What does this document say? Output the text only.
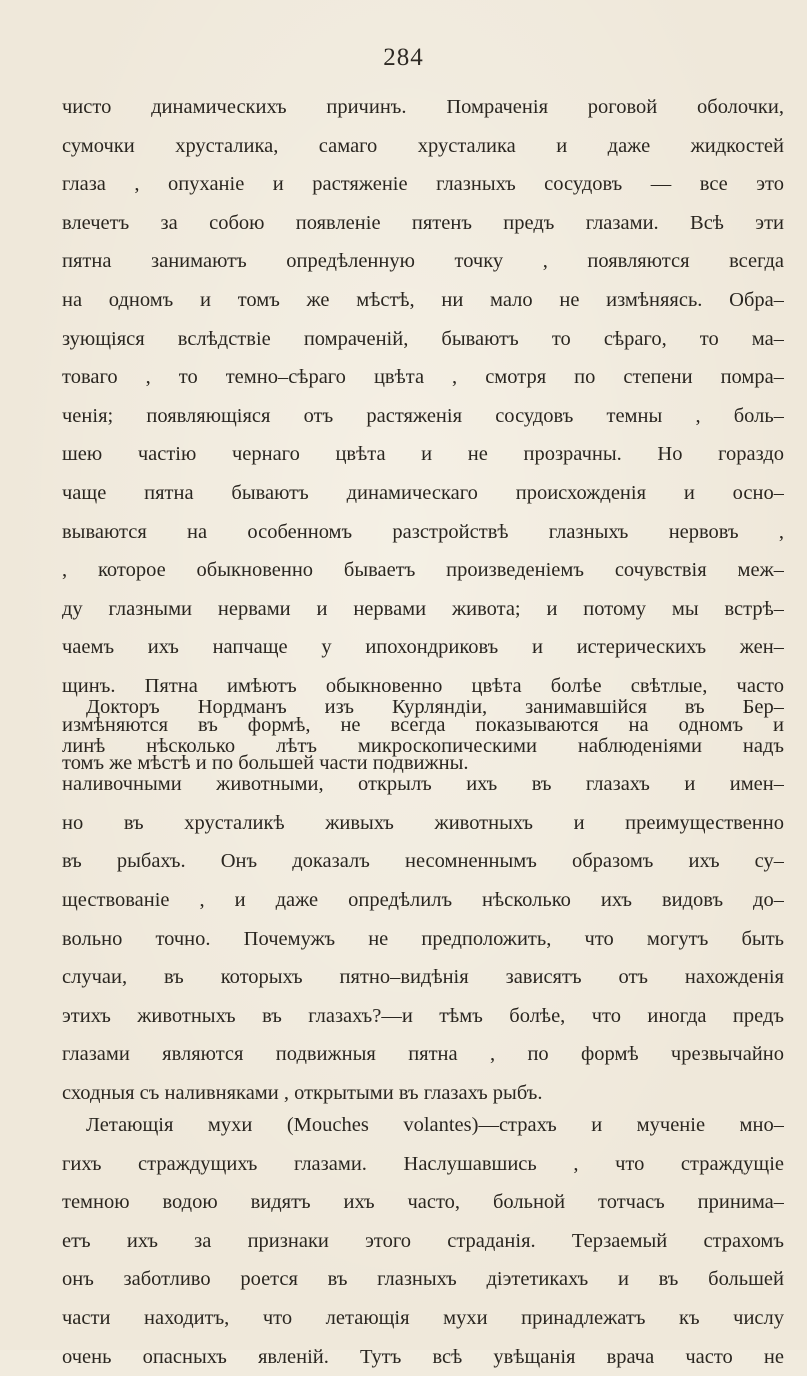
284
чисто динамическихъ причинъ. Помраченія роговой оболочки,
сумочки хрусталика, самаго хрусталика и даже жидкостей
глаза , опуханіе и растяженіе глазныхъ сосудовъ — все это
влечетъ за собою появленіе пятенъ предъ глазами. Всѣ эти
пятна занимаютъ опредѣленную точку , появляются всегда
на одномъ и томъ же мѣстѣ, ни мало не измѣняясь. Обра–
зующіяся вслѣдствіе помраченій, бываютъ то сѣраго, то ма–
товаго , то темно–сѣраго цвѣта , смотря по степени помра–
ченія; появляющіяся отъ растяженія сосудовъ темны , боль–
шею частію чернаго цвѣта и не прозрачны. Но гораздо
чаще пятна бываютъ динамическаго происхожденія и осно–
вываются на особенномъ разстройствѣ глазныхъ нервовъ ,
, которое обыкновенно бываетъ произведеніемъ сочувствія меж–
ду глазными нервами и нервами живота; и потому мы встрѣ–
чаемъ ихъ напчаще у ипохондриковъ и истерическихъ жен–
щинъ. Пятна имѣютъ обыкновенно цвѣта болѣе свѣтлые, часто
измѣняются въ формѣ, не всегда показываются на одномъ и
томъ же мѣстѣ и по большей части подвижны.
Докторъ Нордманъ изъ Курляндіи, занимавшійся въ Бер–
линѣ нѣсколько лѣтъ микроскопическими наблюденіями надъ
наливочными животными, открылъ ихъ въ глазахъ и имен–
но въ хрусталикѣ живыхъ животныхъ и преимущественно
въ рыбахъ. Онъ доказалъ несомненнымъ образомъ ихъ су–
ществованіе , и даже опредѣлилъ нѣсколько ихъ видовъ до–
вольно точно. Почемужъ не предположить, что могутъ быть
случаи, въ которыхъ пятно–видѣнія зависятъ отъ нахожденія
этихъ животныхъ въ глазахъ?—и тѣмъ болѣе, что иногда предъ
глазами являются подвижныя пятна , по формѣ чрезвычайно
сходныя съ наливняками , открытыми въ глазахъ рыбъ.
Летающія мухи (Mouches volantes)—страхъ и мученіе мно–
гихъ страждущихъ глазами. Наслушавшись , что страждущіе
темною водою видятъ ихъ часто, больной тотчасъ принима–
етъ ихъ за признаки этого страданія. Терзаемый страхомъ
онъ заботливо роется въ глазныхъ діэтетикахъ и въ большей
части находитъ, что летающія мухи принадлежатъ къ числу
очень опасныхъ явленій. Тутъ всѣ увѣщанія врача часто не
